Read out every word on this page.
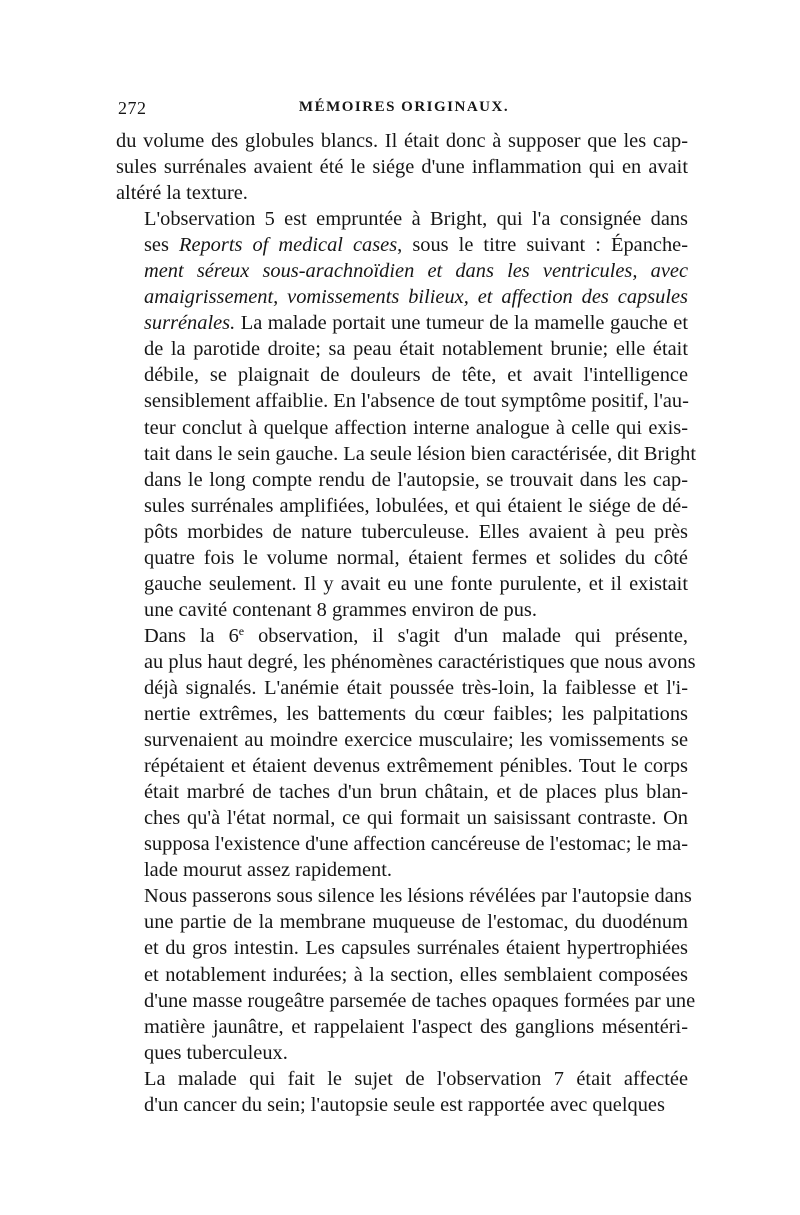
272	MÉMOIRES ORIGINAUX.

du volume des globules blancs. Il était donc à supposer que les cap-
sules surrénales avaient été le siége d'une inflammation qui en avait
altéré la texture.

L'observation 5 est empruntée à Bright, qui l'a consignée dans
ses Reports of medical cases, sous le titre suivant : Épanche-
ment séreux sous-arachnoïdien et dans les ventricules, avec
amaigrissement, vomissements bilieux, et affection des capsules
surrénales. La malade portait une tumeur de la mamelle gauche et
de la parotide droite; sa peau était notablement brunie; elle était
débile, se plaignait de douleurs de tête, et avait l'intelligence
sensiblement affaiblie. En l'absence de tout symptôme positif, l'au-
teur conclut à quelque affection interne analogue à celle qui exis-
tait dans le sein gauche. La seule lésion bien caractérisée, dit Bright
dans le long compte rendu de l'autopsie, se trouvait dans les cap-
sules surrénales amplifiées, lobulées, et qui étaient le siége de dé-
pôts morbides de nature tuberculeuse. Elles avaient à peu près
quatre fois le volume normal, étaient fermes et solides du côté
gauche seulement. Il y avait eu une fonte purulente, et il existait
une cavité contenant 8 grammes environ de pus.

Dans la 6e observation, il s'agit d'un malade qui présente,
au plus haut degré, les phénomènes caractéristiques que nous avons
déjà signalés. L'anémie était poussée très-loin, la faiblesse et l'i-
nertie extrêmes, les battements du cœur faibles; les palpitations
survenaient au moindre exercice musculaire; les vomissements se
répétaient et étaient devenus extrêmement pénibles. Tout le corps
était marbré de taches d'un brun châtain, et de places plus blan-
ches qu'à l'état normal, ce qui formait un saisissant contraste. On
supposa l'existence d'une affection cancéreuse de l'estomac; le ma-
lade mourut assez rapidement.

Nous passerons sous silence les lésions révélées par l'autopsie dans
une partie de la membrane muqueuse de l'estomac, du duodénum
et du gros intestin. Les capsules surrénales étaient hypertrophiées
et notablement indurées; à la section, elles semblaient composées
d'une masse rougeâtre parsemée de taches opaques formées par une
matière jaunâtre, et rappelaient l'aspect des ganglions mésentéri-
ques tuberculeux.

La malade qui fait le sujet de l'observation 7 était affectée
d'un cancer du sein; l'autopsie seule est rapportée avec quelques
